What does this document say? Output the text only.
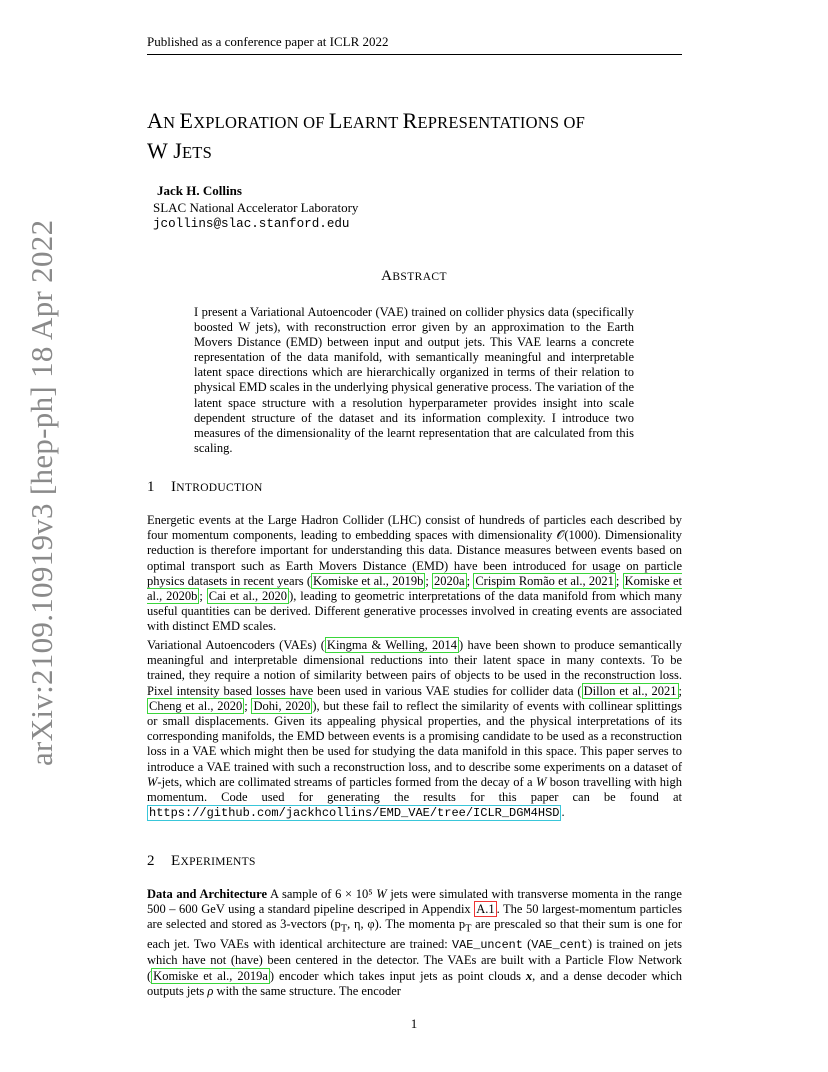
Published as a conference paper at ICLR 2022
arXiv:2109.10919v3 [hep-ph] 18 Apr 2022
AN EXPLORATION OF LEARNT REPRESENTATIONS OF
W JETS
Jack H. Collins
SLAC National Accelerator Laboratory
jcollins@slac.stanford.edu
ABSTRACT
I present a Variational Autoencoder (VAE) trained on collider physics data (specifically boosted W jets), with reconstruction error given by an approximation to the Earth Movers Distance (EMD) between input and output jets. This VAE learns a concrete representation of the data manifold, with semantically meaningful and interpretable latent space directions which are hierarchically organized in terms of their relation to physical EMD scales in the underlying physical generative process. The variation of the latent space structure with a resolution hyperparameter provides insight into scale dependent structure of the dataset and its information complexity. I introduce two measures of the dimensionality of the learnt representation that are calculated from this scaling.
1 INTRODUCTION
Energetic events at the Large Hadron Collider (LHC) consist of hundreds of particles each described by four momentum components, leading to embedding spaces with dimensionality 𝒪(1000). Dimensionality reduction is therefore important for understanding this data. Distance measures between events based on optimal transport such as Earth Movers Distance (EMD) have been introduced for usage on particle physics datasets in recent years ( Komiske et al., 2019b ; 2020a ; Crispim Romão et al., 2021 ; Komiske et al., 2020b ; Cai et al., 2020 ), leading to geometric interpretations of the data manifold from which many useful quantities can be derived. Different generative processes involved in creating events are associated with distinct EMD scales.
Variational Autoencoders (VAEs) ( Kingma & Welling, 2014 ) have been shown to produce semantically meaningful and interpretable dimensional reductions into their latent space in many contexts. To be trained, they require a notion of similarity between pairs of objects to be used in the reconstruction loss. Pixel intensity based losses have been used in various VAE studies for collider data ( Dillon et al., 2021 ; Cheng et al., 2020 ; Dohi, 2020 ), but these fail to reflect the similarity of events with collinear splittings or small displacements. Given its appealing physical properties, and the physical interpretations of its corresponding manifolds, the EMD between events is a promising candidate to be used as a reconstruction loss in a VAE which might then be used for studying the data manifold in this space. This paper serves to introduce a VAE trained with such a reconstruction loss, and to describe some experiments on a dataset of W-jets, which are collimated streams of particles formed from the decay of a W boson travelling with high momentum. Code used for generating the results for this paper can be found at https://github.com/jackhcollins/EMD_VAE/tree/ICLR_DGM4HSD .
2 EXPERIMENTS
Data and Architecture A sample of 6 × 10⁵ W jets were simulated with transverse momenta in the range 500 – 600 GeV using a standard pipeline descriped in Appendix A.1 . The 50 largest-momentum particles are selected and stored as 3-vectors ($p_T$, η, φ). The momenta $p_T$ are prescaled so that their sum is one for each jet. Two VAEs with identical architecture are trained: VAE_uncent (VAE_cent) is trained on jets which have not (have) been centered in the detector. The VAEs are built with a Particle Flow Network ( Komiske et al., 2019a ) encoder which takes input jets as point clouds x, and a dense decoder which outputs jets ρ with the same structure. The encoder
1
